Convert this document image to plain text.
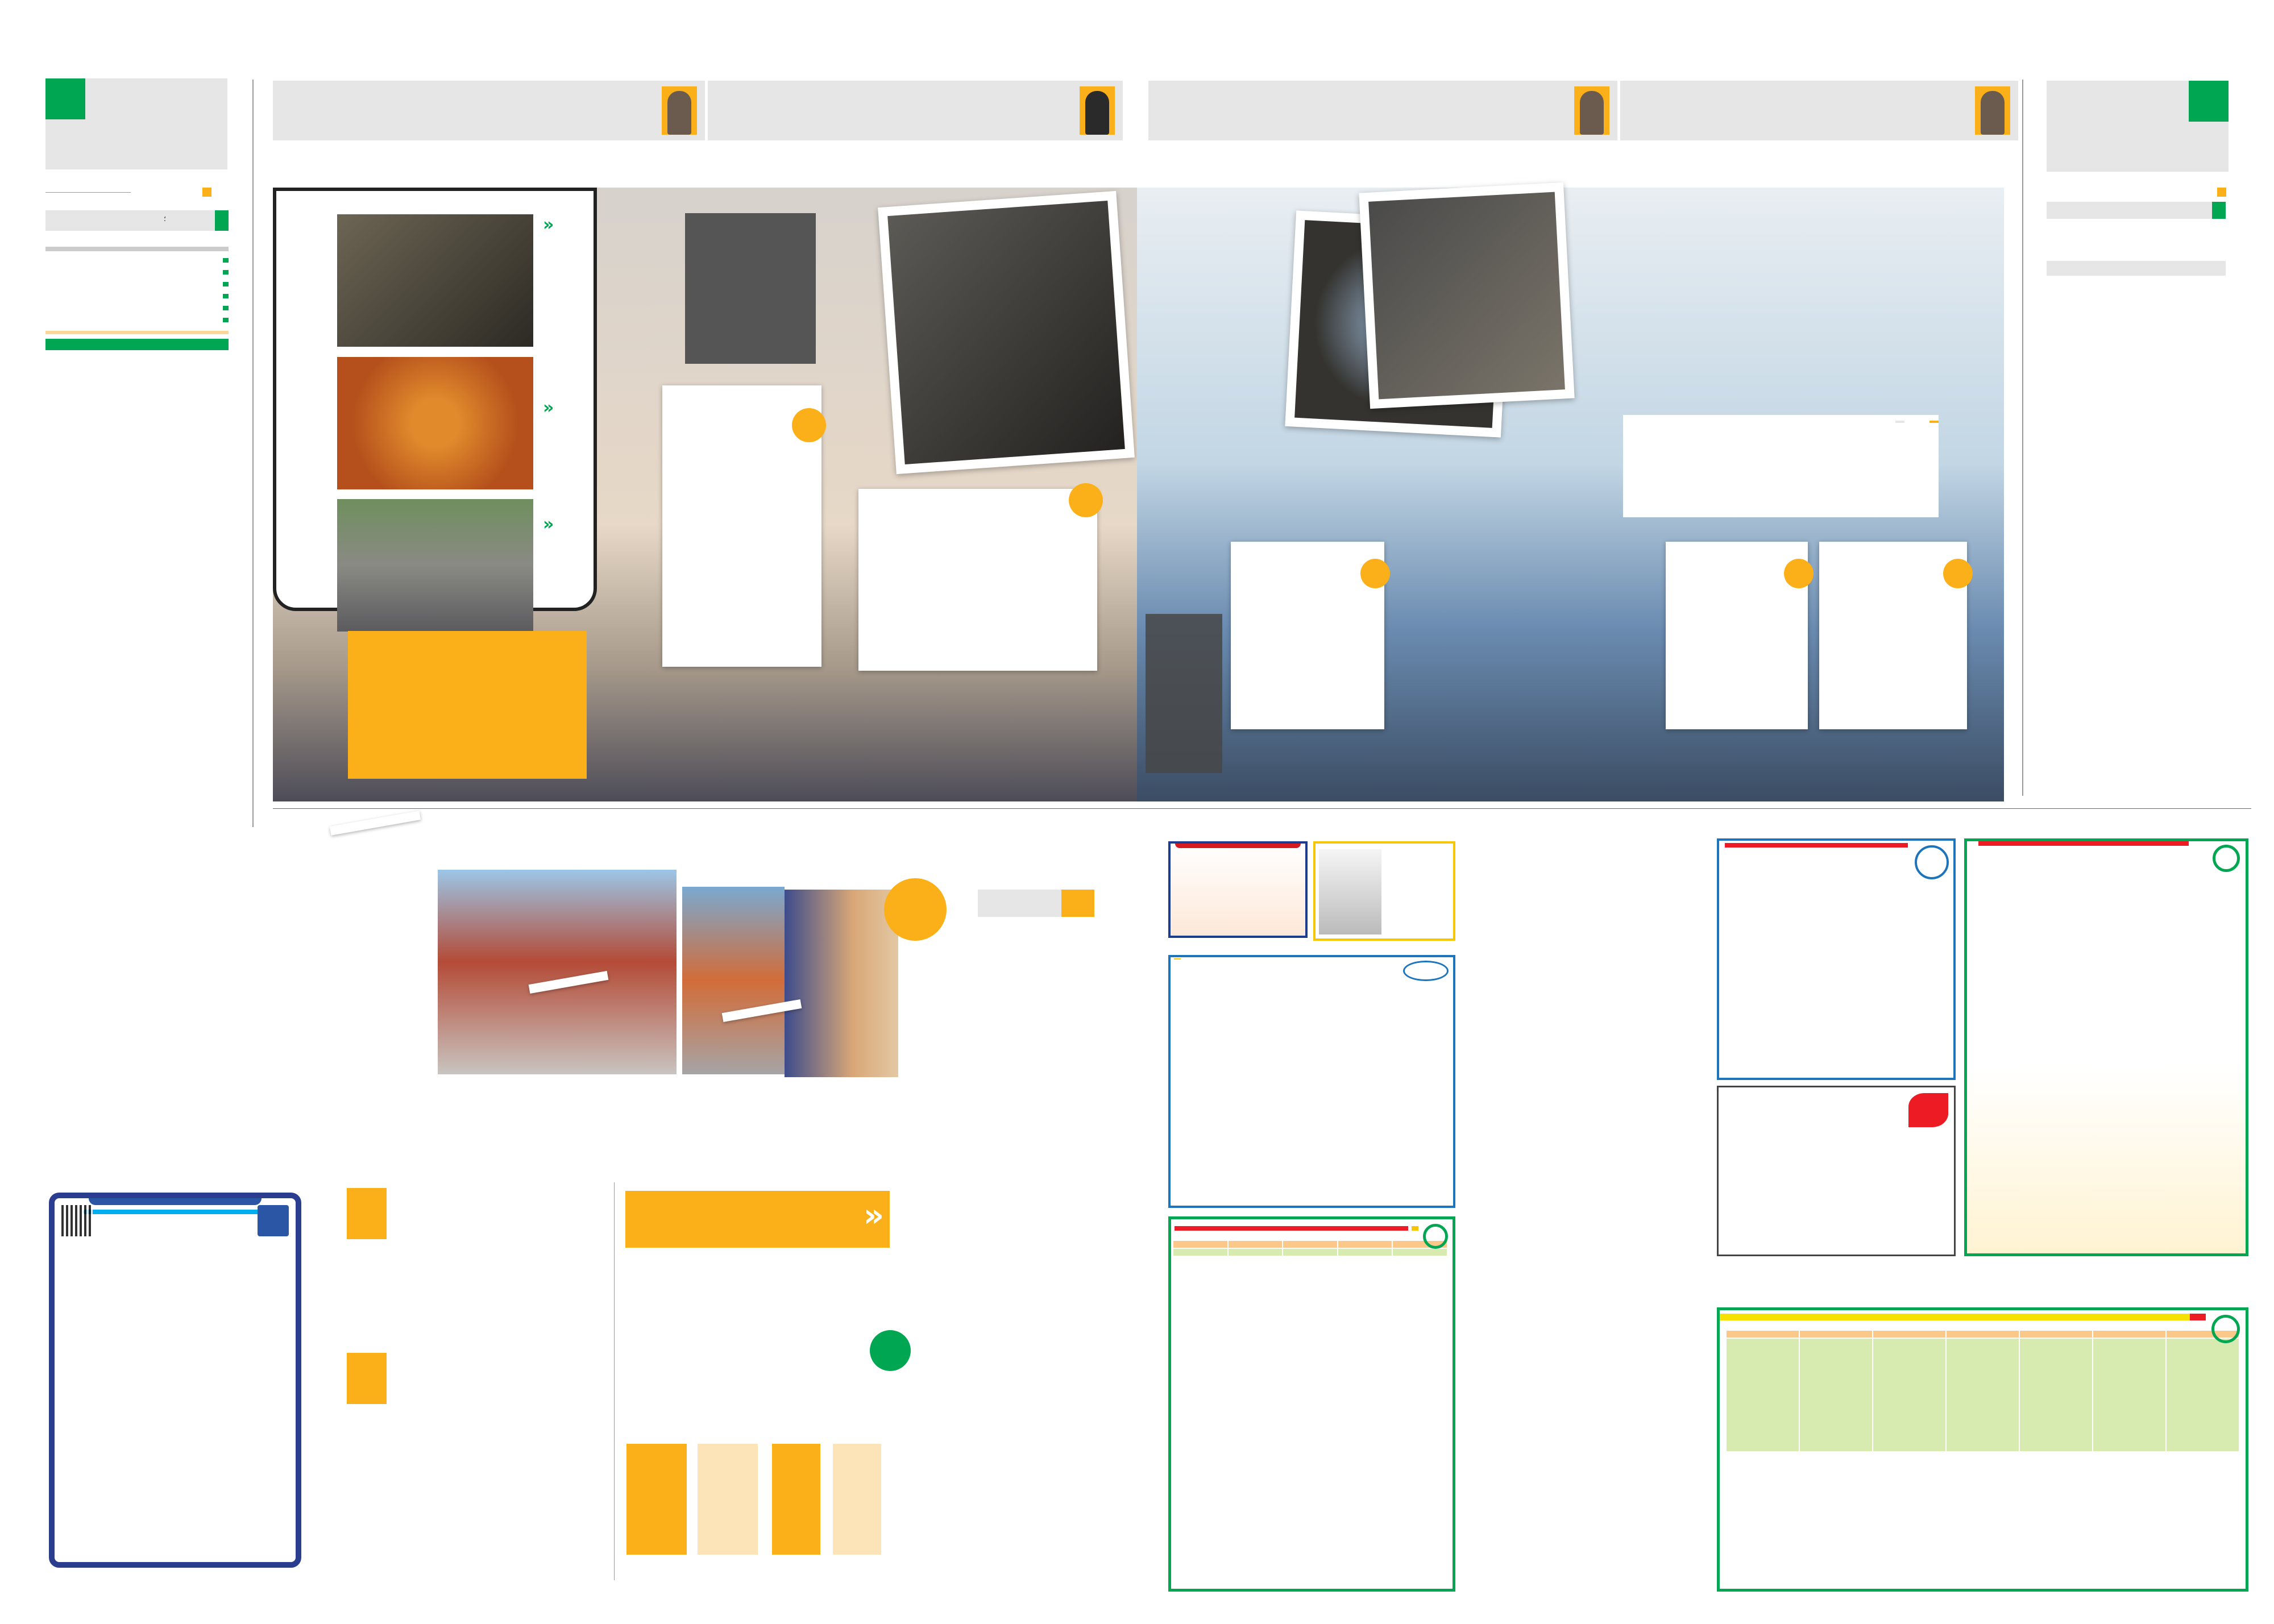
؛	«
«
«
«
